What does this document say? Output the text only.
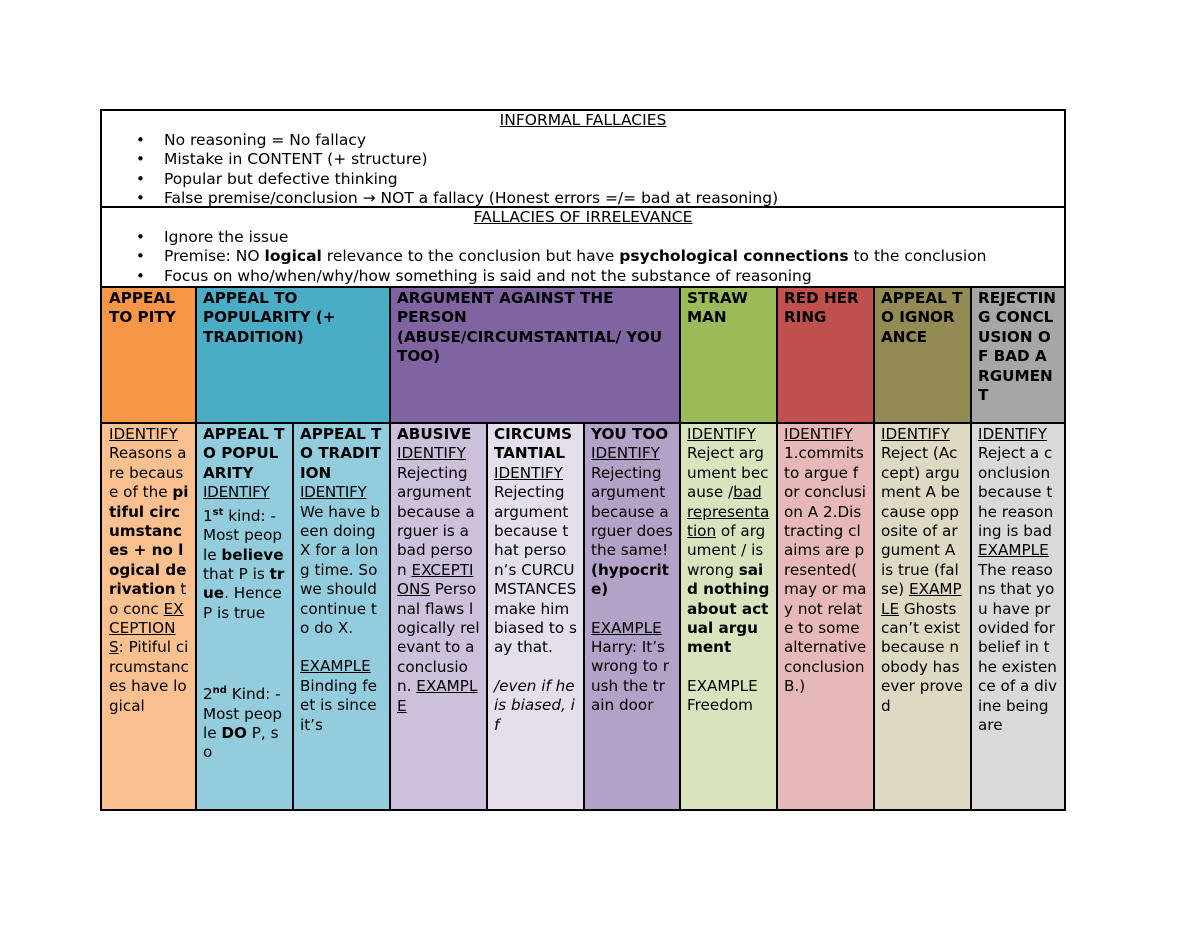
INFORMAL FALLACIES
• No reasoning = No fallacy
• Mistake in CONTENT (+ structure)
• Popular but defective thinking
• False premise/conclusion → NOT a fallacy (Honest errors =/= bad at reasoning)
FALLACIES OF IRRELEVANCE
• Ignore the issue
• Premise: NO logical relevance to the conclusion but have psychological connections to the conclusion
• Focus on who/when/why/how something is said and not the substance of reasoning
APPEAL TO PITY
APPEAL TO POPULARITY (+ TRADITION)
ARGUMENT AGAINST THE PERSON (ABUSE/CIRCUMSTANTIAL/ YOU TOO)
STRAW MAN
RED HERRING
APPEAL TO IGNORANCE
REJECTING CONCLUSION OF BAD ARGUMENT
IDENTIFY Reasons are because of the pitiful circumstances + no logical derivation to conc EXCEPTIONS: Pitiful circumstances have logical
APPEAL TO POPULARITY
IDENTIFY
1st kind: -Most people believe that P is true. Hence P is true
2nd Kind: -Most people DO P, so
APPEAL TO TRADITION
IDENTIFY We have been doing X for a long time. So we should continue to do X.
EXAMPLE Binding feet is since it’s
ABUSIVE
IDENTIFY Rejecting argument because arguer is a bad person EXCEPTIONS Personal flaws logically relevant to a conclusion. EXAMPLE
CIRCUMSTANTIAL
IDENTIFY Rejecting argument because that person’s CURCUMSTANCES make him biased to say that.
/even if he is biased, if
YOU TOO
IDENTIFY Rejecting argument because arguer does the same! (hypocrite)
EXAMPLE Harry: It’s wrong to rush the train door
IDENTIFY Reject argument because /bad representation of argument / is wrong said nothing about actual argument
EXAMPLE Freedom
IDENTIFY 1.commits to argue for conclusion A 2.Distracting claims are presented( may or may not relate to some alternative conclusion B.)
IDENTIFY Reject (Accept) argument A because opposite of argument A is true (false) EXAMPLE Ghosts can’t exist because nobody has ever proved
IDENTIFY Reject a conclusion because the reasoning is bad EXAMPLE The reasons that you have provided for belief in the existence of a divine being are
